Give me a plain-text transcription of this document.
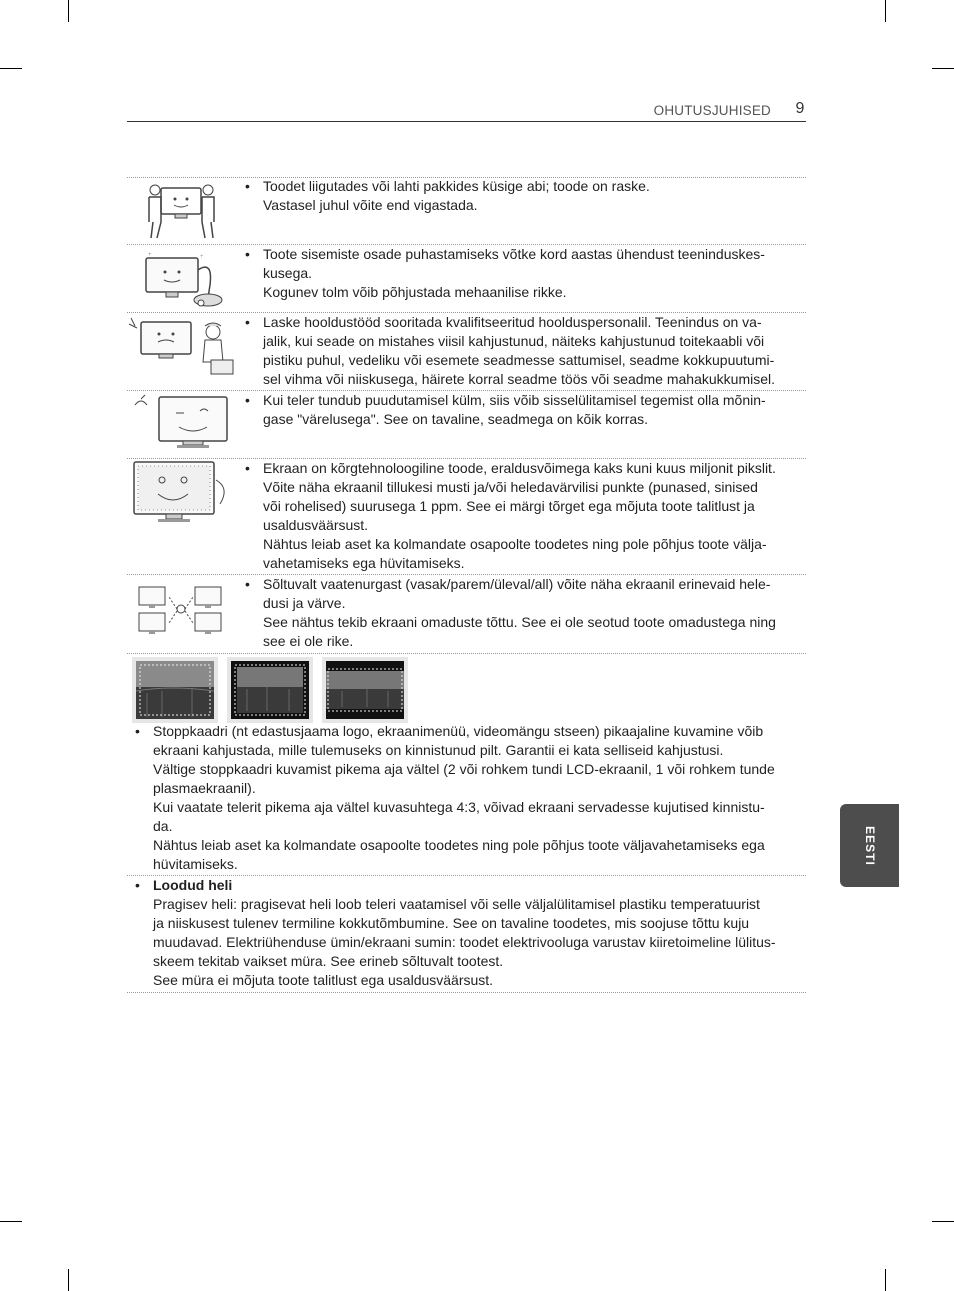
OHUTUSJUHISED	9
+	+
• Toodet liigutades või lahti pakkides küsige abi; toode on raske.
Vastasel juhul võite end vigastada.
• Toote sisemiste osade puhastamiseks võtke kord aastas ühendust teeninduskes-
kusega.
Kogunev tolm võib põhjustada mehaanilise rikke.
• Laske hooldustööd sooritada kvalifitseeritud hoolduspersonalil. Teenindus on va-
jalik, kui seade on mistahes viisil kahjustunud, näiteks kahjustunud toitekaabli või
pistiku puhul, vedeliku või esemete seadmesse sattumisel, seadme kokkupuutumi-
sel vihma või niiskusega, häirete korral seadme töös või seadme mahakukkumisel.
• Kui teler tundub puudutamisel külm, siis võib sisselülitamisel tegemist olla mõnin-
gase "värelusega". See on tavaline, seadmega on kõik korras.
• Ekraan on kõrgtehnoloogiline toode, eraldusvõimega kaks kuni kuus miljonit pikslit.
Võite näha ekraanil tillukesi musti ja/või heledavärvilisi punkte (punased, sinised
või rohelised) suurusega 1 ppm. See ei märgi tõrget ega mõjuta toote talitlust ja
usaldusväärsust.
Nähtus leiab aset ka kolmandate osapoolte toodetes ning pole põhjus toote välja-
vahetamiseks ega hüvitamiseks.
• Sõltuvalt vaatenurgast (vasak/parem/üleval/all) võite näha ekraanil erinevaid hele-
dusi ja värve.
See nähtus tekib ekraani omaduste tõttu. See ei ole seotud toote omadustega ning
see ei ole rike.
• Stoppkaadri (nt edastusjaama logo, ekraanimenüü, videomängu stseen) pikaajaline kuvamine võib
ekraani kahjustada, mille tulemuseks on kinnistunud pilt. Garantii ei kata selliseid kahjustusi.
Vältige stoppkaadri kuvamist pikema aja vältel (2 või rohkem tundi LCD-ekraanil, 1 või rohkem tunde
plasmaekraanil).
Kui vaatate telerit pikema aja vältel kuvasuhtega 4:3, võivad ekraani servadesse kujutised kinnistu-
da.
Nähtus leiab aset ka kolmandate osapoolte toodetes ning pole põhjus toote väljavahetamiseks ega
hüvitamiseks.
• Loodud heli
Pragisev heli: pragisevat heli loob teleri vaatamisel või selle väljalülitamisel plastiku temperatuurist
ja niiskusest tulenev termiline kokkutõmbumine. See on tavaline toodetes, mis soojuse tõttu kuju
muudavad. Elektriühenduse ümin/ekraani sumin: toodet elektrivooluga varustav kiiretoimeline lülitus-
skeem tekitab vaikset müra. See erineb sõltuvalt tootest.
See müra ei mõjuta toote talitlust ega usaldusväärsust.
EESTI
